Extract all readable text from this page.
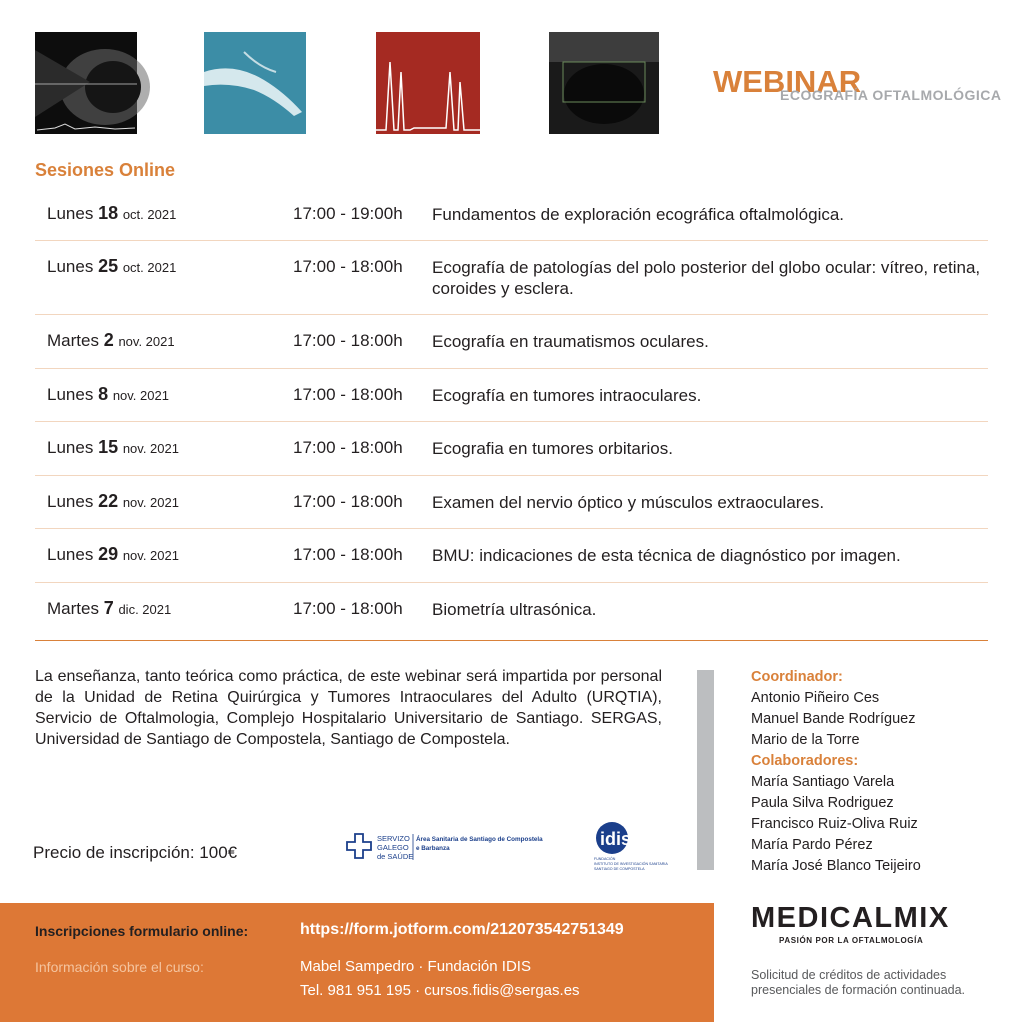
WEBINAR
ECOGRAFÍA OFTALMOLÓGICA
Sesiones Online
Lunes 18 oct. 2021	17:00 - 19:00h Fundamentos de exploración ecográfica oftalmológica.
Lunes 25 oct. 2021	17:00 - 18:00h Ecografía de patologías del polo posterior del globo ocular: vítreo, retina, coroides y esclera.
Martes 2 nov. 2021	17:00 - 18:00h Ecografía en traumatismos oculares.
Lunes 8 nov. 2021	17:00 - 18:00h Ecografía en tumores intraoculares.
Lunes 15 nov. 2021	17:00 - 18:00h Ecografia en tumores orbitarios.
Lunes 22 nov. 2021	17:00 - 18:00h Examen del nervio óptico y músculos extraoculares.
Lunes 29 nov. 2021	17:00 - 18:00h BMU: indicaciones de esta técnica de diagnóstico por imagen.
Martes 7 dic. 2021	17:00 - 18:00h Biometría ultrasónica.
La enseñanza, tanto teórica como práctica, de este webinar será impartida por personal de la Unidad de Retina Quirúrgica y Tumores Intraoculares del Adulto (URQTIA), Servicio de Oftalmologia, Complejo Hospitalario Universitario de Santiago. SERGAS, Universidad de Santiago de Compostela, Santiago de Compostela.
Coordinador:
Antonio Piñeiro Ces
Manuel Bande Rodríguez
Mario de la Torre
Colaboradores:
María Santiago Varela
Paula Silva Rodriguez
Francisco Ruiz-Oliva Ruiz
María Pardo Pérez
María José Blanco Teijeiro
Precio de inscripción: 100€
SERVIZO
GALEGO
de SAÚDE
Área Sanitaria de Santiago de Compostela
e Barbanza	idis
FUNDACIÓN
INSTITUTO DE INVESTIGACIÓN SANITARIA
SANTIAGO DE COMPOSTELA
Inscripciones formulario online:	https://form.jotform.com/212073542751349
Información sobre el curso:	Mabel Sampedro · Fundación IDIS
Tel. 981 951 195 · cursos.fidis@sergas.es
MEDICALMIX
PASIÓN POR LA OFTALMOLOGÍA
Solicitud de créditos de actividades
presenciales de formación continuada.
